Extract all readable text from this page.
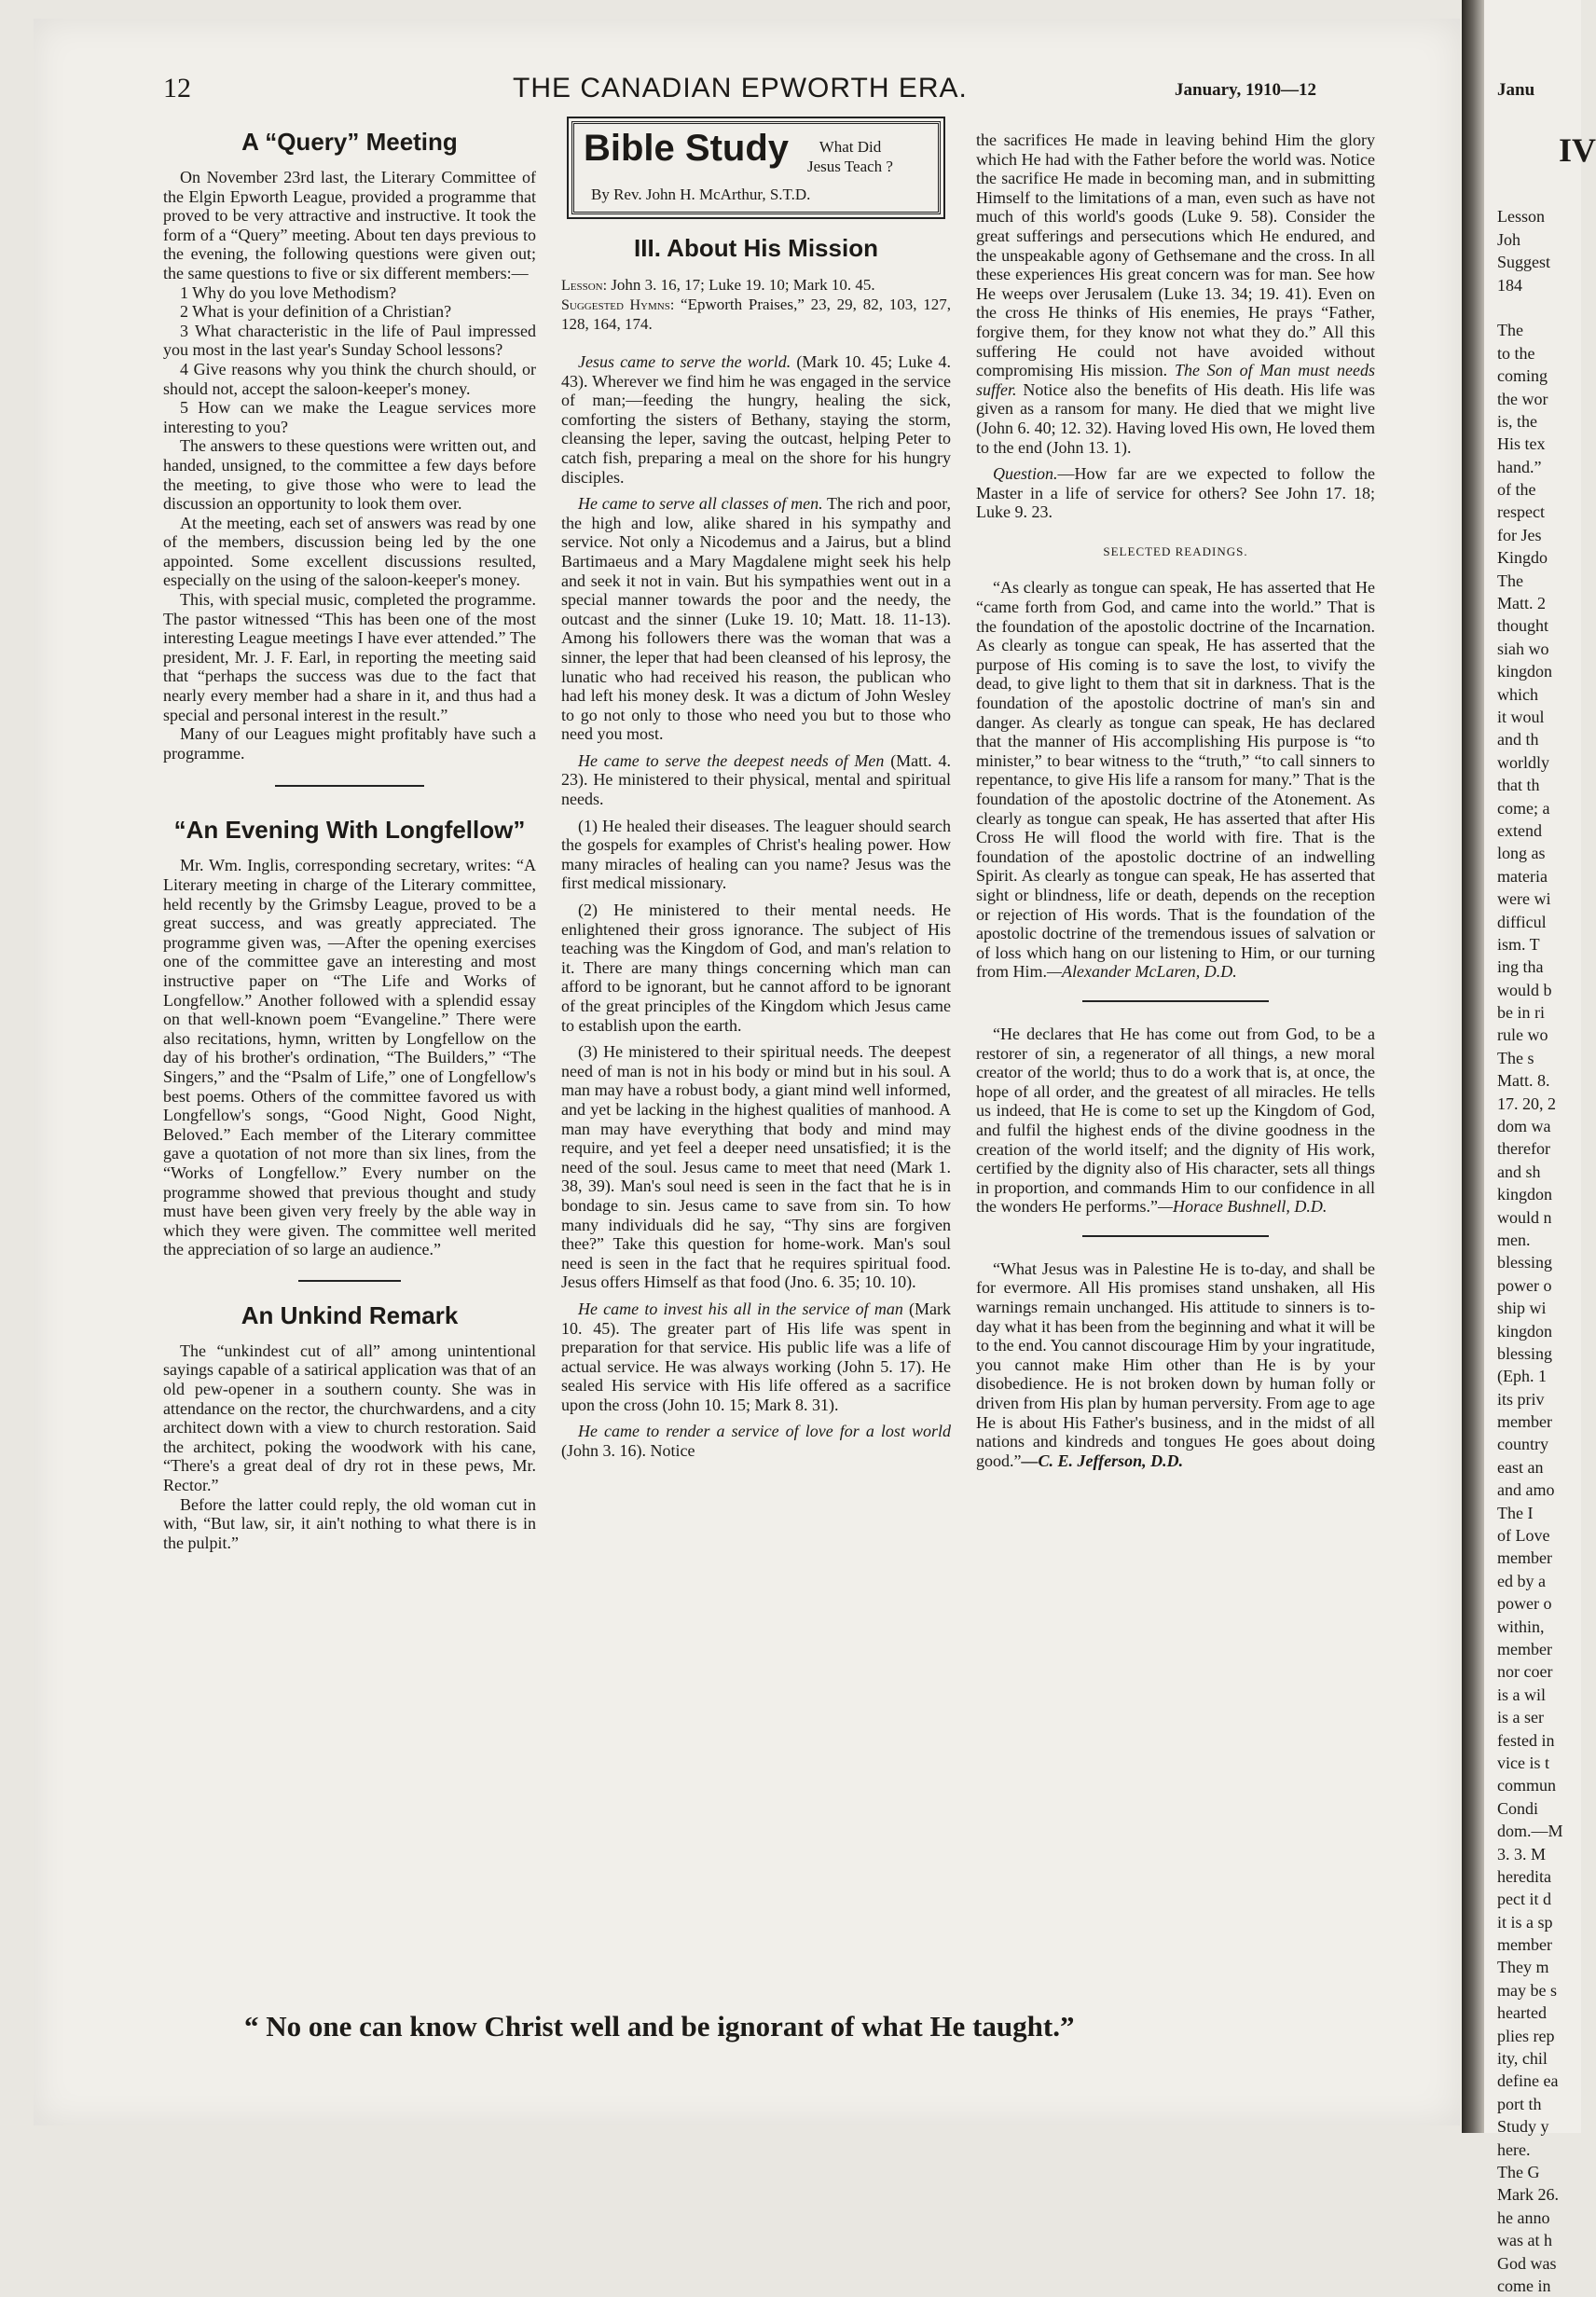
Janu
IV
Lesson
Joh
Suggest
184
The
to the
coming
the wor
is, the
His tex
hand.”
of the
respect
for Jes
Kingdo
The
Matt. 2
thought
siah wo
kingdon
which
it woul
and th
worldly
that th
come; a
extend
long as
materia
were wi
difficul
ism. T
ing tha
would b
be in ri
rule wo
The s
Matt. 8.
17. 20, 2
dom wa
therefor
and sh
kingdon
would n
men.
blessing
power o
ship wi
kingdon
blessing
(Eph. 1
its priv
member
country
east an
and amo
The I
of Love
member
ed by a
power o
within,
member
nor coer
is a wil
is a ser
fested in
vice is t
commun
Condi
dom.—M
3. 3. M
heredita
pect it d
it is a sp
member
They m
may be s
hearted
plies rep
ity, chil
define ea
port th
Study y
here.
The G
Mark 26.
he anno
was at h
God was
come in
12	THE CANADIAN EPWORTH ERA.	January, 1910—12
A “Query” Meeting

On November 23rd last, the Literary Committee of the Elgin Epworth League, provided a programme that proved to be very attractive and instructive. It took the form of a “Query” meeting. About ten days previous to the evening, the following questions were given out; the same questions to five or six different members:—

1 Why do you love Methodism?

2 What is your definition of a Christian?

3 What characteristic in the life of Paul impressed you most in the last year's Sunday School lessons?

4 Give reasons why you think the church should, or should not, accept the saloon-keeper's money.

5 How can we make the League services more interesting to you?

The answers to these questions were written out, and handed, unsigned, to the committee a few days before the meeting, to give those who were to lead the discussion an opportunity to look them over.

At the meeting, each set of answers was read by one of the members, discussion being led by the one appointed. Some excellent discussions resulted, especially on the using of the saloon-keeper's money.

This, with special music, completed the programme. The pastor witnessed “This has been one of the most interesting League meetings I have ever attended.” The president, Mr. J. F. Earl, in reporting the meeting said that “perhaps the success was due to the fact that nearly every member had a share in it, and thus had a special and personal interest in the result.”

Many of our Leagues might profitably have such a programme.

“An Evening With Longfellow”

Mr. Wm. Inglis, corresponding secretary, writes: “A Literary meeting in charge of the Literary committee, held recently by the Grimsby League, proved to be a great success, and was greatly appreciated. The programme given was, —After the opening exercises one of the committee gave an interesting and most instructive paper on “The Life and Works of Longfellow.” Another followed with a splendid essay on that well-known poem “Evangeline.” There were also recitations, hymn, written by Longfellow on the day of his brother's ordination, “The Builders,” “The Singers,” and the “Psalm of Life,” one of Longfellow's best poems. Others of the committee favored us with Longfellow's songs, “Good Night, Good Night, Beloved.” Each member of the Literary committee gave a quotation of not more than six lines, from the “Works of Longfellow.” Every number on the programme showed that previous thought and study must have been given very freely by the able way in which they were given. The committee well merited the appreciation of so large an audience.”

An Unkind Remark

The “unkindest cut of all” among unintentional sayings capable of a satirical application was that of an old pew-opener in a southern county. She was in attendance on the rector, the churchwardens, and a city architect down with a view to church restoration. Said the architect, poking the woodwork with his cane, “There's a great deal of dry rot in these pews, Mr. Rector.”

Before the latter could reply, the old woman cut in with, “But law, sir, it ain't nothing to what there is in the pulpit.”

Bible Study	What Did
Jesus Teach ?
By Rev. John H. McArthur, S.T.D.
III. About His Mission
Lesson: John 3. 16, 17; Luke 19. 10; Mark 10. 45.
Suggested Hymns: “Epworth Praises,” 23, 29, 82, 103, 127, 128, 164, 174.

Jesus came to serve the world. (Mark 10. 45; Luke 4. 43). Wherever we find him he was engaged in the service of man;—feeding the hungry, healing the sick, comforting the sisters of Bethany, staying the storm, cleansing the leper, saving the outcast, helping Peter to catch fish, preparing a meal on the shore for his hungry disciples.

He came to serve all classes of men. The rich and poor, the high and low, alike shared in his sympathy and service. Not only a Nicodemus and a Jairus, but a blind Bartimaeus and a Mary Magdalene might seek his help and seek it not in vain. But his sympathies went out in a special manner towards the poor and the needy, the outcast and the sinner (Luke 19. 10; Matt. 18. 11-13). Among his followers there was the woman that was a sinner, the leper that had been cleansed of his leprosy, the lunatic who had received his reason, the publican who had left his money desk. It was a dictum of John Wesley to go not only to those who need you but to those who need you most.

He came to serve the deepest needs of Men (Matt. 4. 23). He ministered to their physical, mental and spiritual needs.

(1) He healed their diseases. The leaguer should search the gospels for examples of Christ's healing power. How many miracles of healing can you name? Jesus was the first medical missionary.

(2) He ministered to their mental needs. He enlightened their gross ignorance. The subject of His teaching was the Kingdom of God, and man's relation to it. There are many things concerning which man can afford to be ignorant, but he cannot afford to be ignorant of the great principles of the Kingdom which Jesus came to establish upon the earth.

(3) He ministered to their spiritual needs. The deepest need of man is not in his body or mind but in his soul. A man may have a robust body, a giant mind well informed, and yet be lacking in the highest qualities of manhood. A man may have everything that body and mind may require, and yet feel a deeper need unsatisfied; it is the need of the soul. Jesus came to meet that need (Mark 1. 38, 39). Man's soul need is seen in the fact that he is in bondage to sin. Jesus came to save from sin. To how many individuals did he say, “Thy sins are forgiven thee?” Take this question for home-work. Man's soul need is seen in the fact that he requires spiritual food. Jesus offers Himself as that food (Jno. 6. 35; 10. 10).

He came to invest his all in the service of man (Mark 10. 45). The greater part of His life was spent in preparation for that service. His public life was a life of actual service. He was always working (John 5. 17). He sealed His service with His life offered as a sacrifice upon the cross (John 10. 15; Mark 8. 31).

He came to render a service of love for a lost world (John 3. 16). Notice

the sacrifices He made in leaving behind Him the glory which He had with the Father before the world was. Notice the sacrifice He made in becoming man, and in submitting Himself to the limitations of a man, even such as have not much of this world's goods (Luke 9. 58). Consider the great sufferings and persecutions which He endured, and the unspeakable agony of Gethsemane and the cross. In all these experiences His great concern was for man. See how He weeps over Jerusalem (Luke 13. 34; 19. 41). Even on the cross He thinks of His enemies, He prays “Father, forgive them, for they know not what they do.” All this suffering He could not have avoided without compromising His mission. The Son of Man must needs suffer. Notice also the benefits of His death. His life was given as a ransom for many. He died that we might live (John 6. 40; 12. 32). Having loved His own, He loved them to the end (John 13. 1).

Question.—How far are we expected to follow the Master in a life of service for others? See John 17. 18; Luke 9. 23.

SELECTED READINGS.

“As clearly as tongue can speak, He has asserted that He “came forth from God, and came into the world.” That is the foundation of the apostolic doctrine of the Incarnation. As clearly as tongue can speak, He has asserted that the purpose of His coming is to save the lost, to vivify the dead, to give light to them that sit in darkness. That is the foundation of the apostolic doctrine of man's sin and danger. As clearly as tongue can speak, He has declared that the manner of His accomplishing His purpose is “to minister,” to bear witness to the “truth,” “to call sinners to repentance, to give His life a ransom for many.” That is the foundation of the apostolic doctrine of the Atonement. As clearly as tongue can speak, He has asserted that after His Cross He will flood the world with fire. That is the foundation of the apostolic doctrine of an indwelling Spirit. As clearly as tongue can speak, He has asserted that sight or blindness, life or death, depends on the reception or rejection of His words. That is the foundation of the apostolic doctrine of the tremendous issues of salvation or of loss which hang on our listening to Him, or our turning from Him.—Alexander McLaren, D.D.

“He declares that He has come out from God, to be a restorer of sin, a regenerator of all things, a new moral creator of the world; thus to do a work that is, at once, the hope of all order, and the greatest of all miracles. He tells us indeed, that He is come to set up the Kingdom of God, and fulfil the highest ends of the divine goodness in the creation of the world itself; and the dignity of His work, certified by the dignity also of His character, sets all things in proportion, and commands Him to our confidence in all the wonders He performs.”—Horace Bushnell, D.D.

“What Jesus was in Palestine He is to-day, and shall be for evermore. All His promises stand unshaken, all His warnings remain unchanged. His attitude to sinners is to-day what it has been from the beginning and what it will be to the end. You cannot discourage Him by your ingratitude, you cannot make Him other than He is by your disobedience. He is not broken down by human folly or driven from His plan by human perversity. From age to age He is about His Father's business, and in the midst of all nations and kindreds and tongues He goes about doing good.”—C. E. Jefferson, D.D.

“ No one can know Christ well and be ignorant of what He taught.”
